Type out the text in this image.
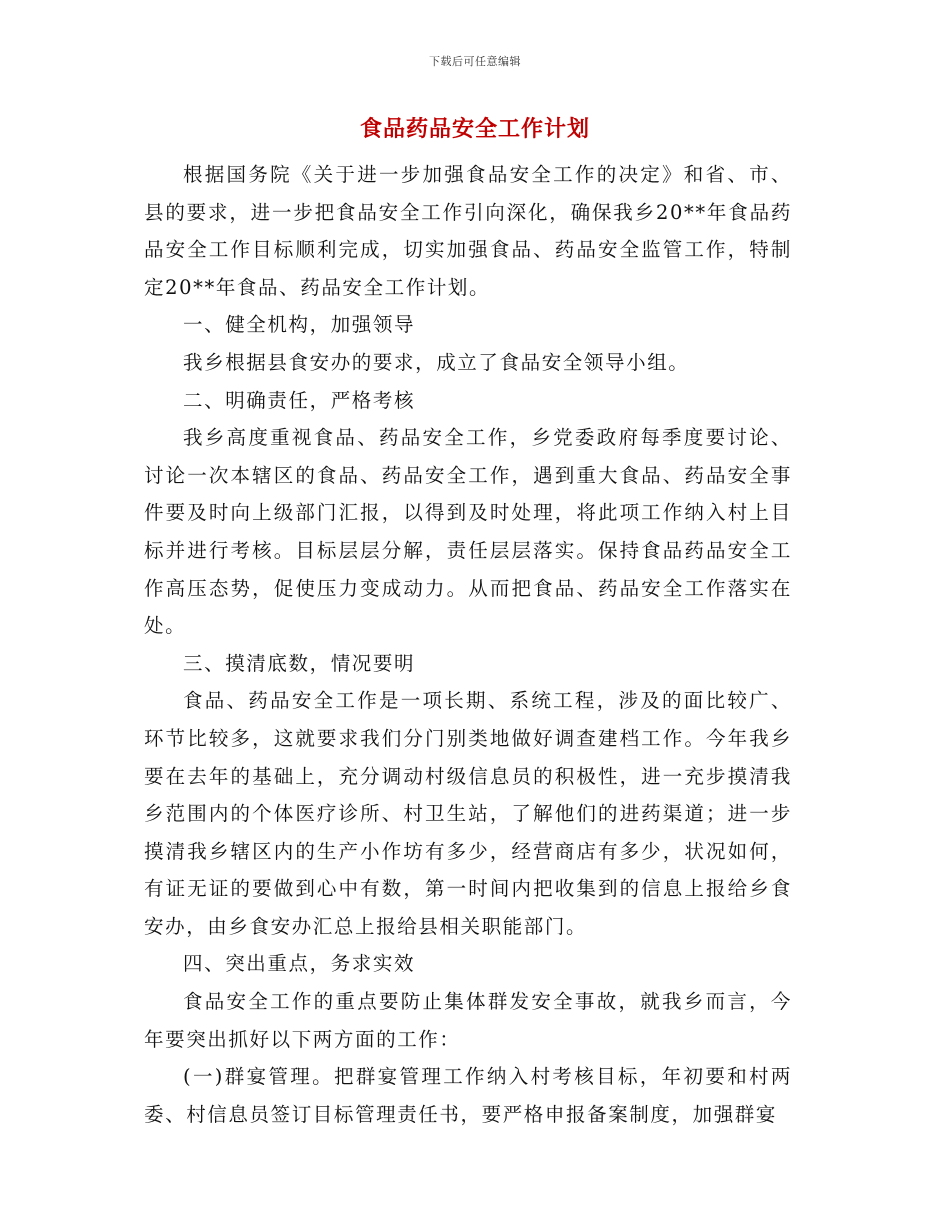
下载后可任意编辑
食品药品安全工作计划

根据国务院《关于进一步加强食品安全工作的决定》和省、市、县的要求，进一步把食品安全工作引向深化，确保我乡20**年食品药品安全工作目标顺利完成，切实加强食品、药品安全监管工作，特制定20**年食品、药品安全工作计划。

一、健全机构，加强领导

我乡根据县食安办的要求，成立了食品安全领导小组。

二、明确责任，严格考核

我乡高度重视食品、药品安全工作，乡党委政府每季度要讨论、讨论一次本辖区的食品、药品安全工作，遇到重大食品、药品安全事件要及时向上级部门汇报，以得到及时处理，将此项工作纳入村上目标并进行考核。目标层层分解，责任层层落实。保持食品药品安全工作高压态势，促使压力变成动力。从而把食品、药品安全工作落实在处。

三、摸清底数，情况要明

食品、药品安全工作是一项长期、系统工程，涉及的面比较广、环节比较多，这就要求我们分门别类地做好调查建档工作。今年我乡要在去年的基础上，充分调动村级信息员的积极性，进一充步摸清我乡范围内的个体医疗诊所、村卫生站，了解他们的进药渠道；进一步摸清我乡辖区内的生产小作坊有多少，经营商店有多少，状况如何，有证无证的要做到心中有数，第一时间内把收集到的信息上报给乡食安办，由乡食安办汇总上报给县相关职能部门。

四、突出重点，务求实效

食品安全工作的重点要防止集体群发安全事故，就我乡而言，今年要突出抓好以下两方面的工作：

(一)群宴管理。把群宴管理工作纳入村考核目标，年初要和村两委、村信息员签订目标管理责任书，要严格申报备案制度，加强群宴
